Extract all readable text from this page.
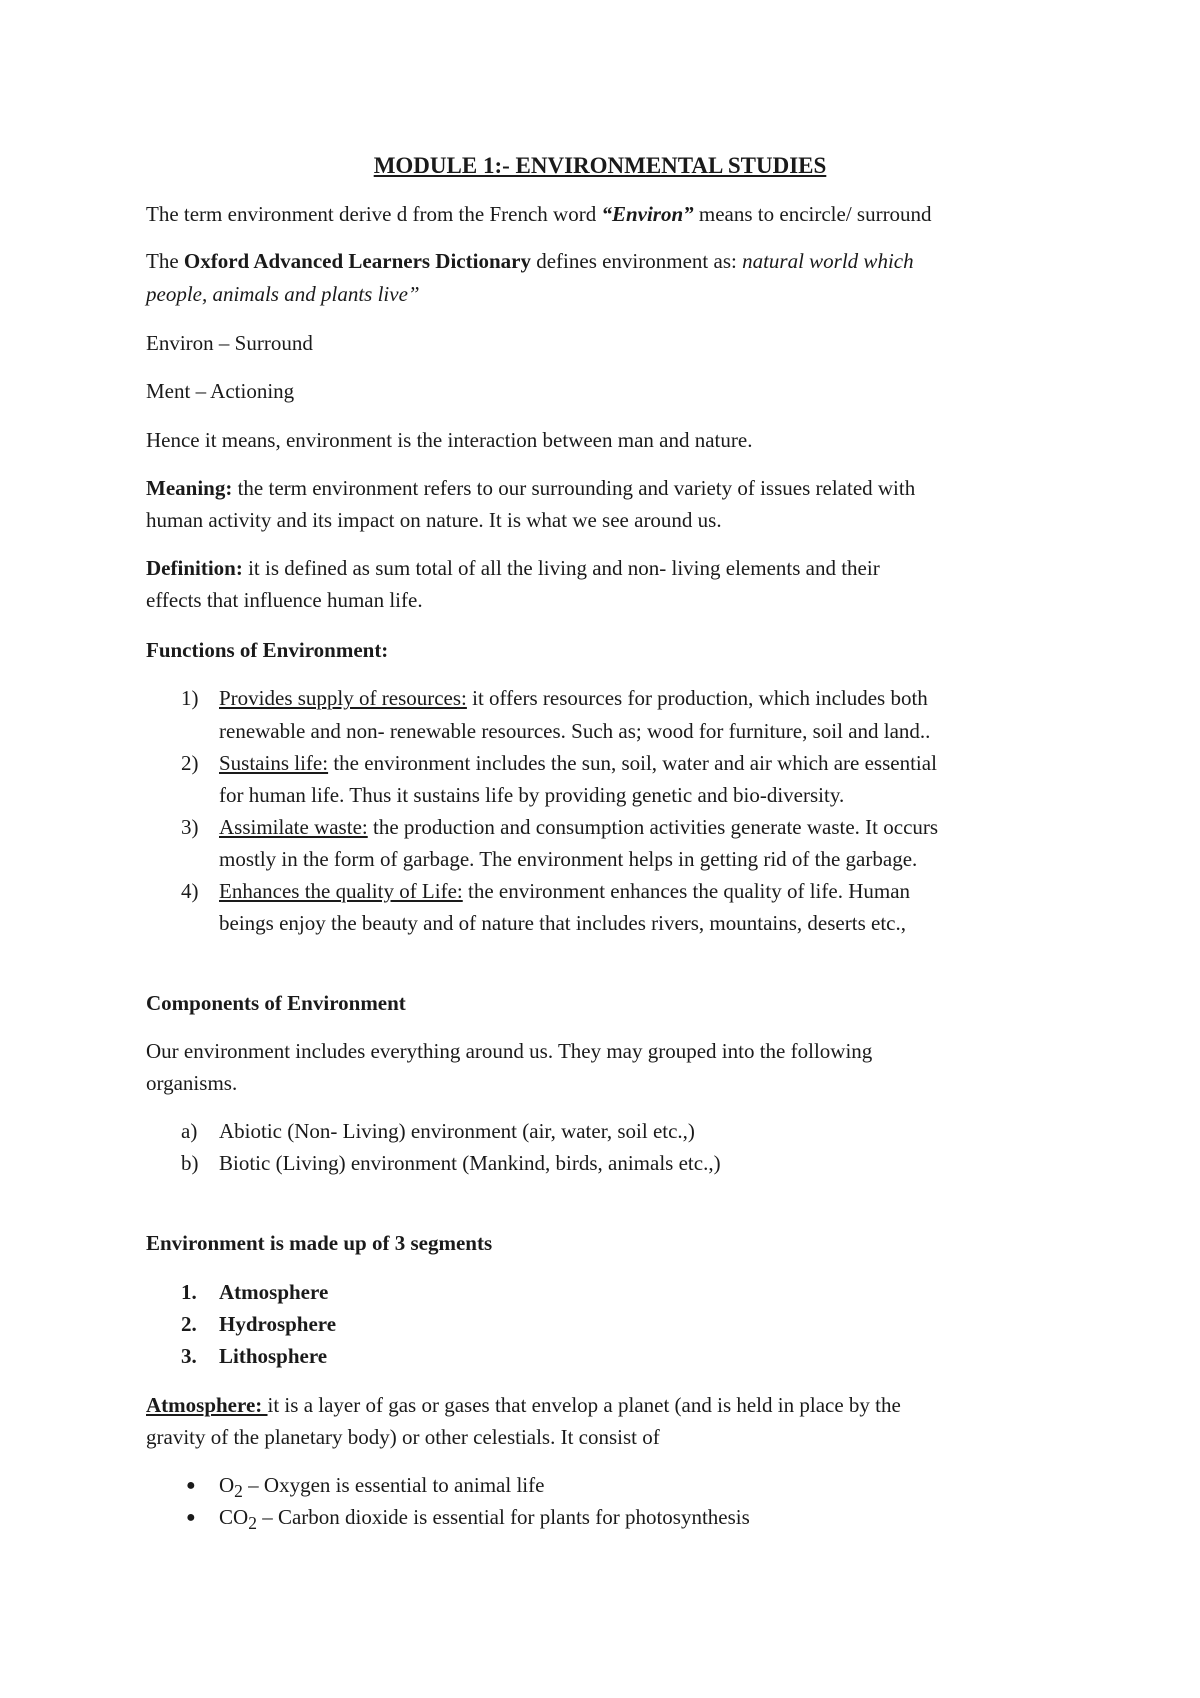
MODULE 1:- ENVIRONMENTAL STUDIES
The term environment derive d from the French word “Environ” means to encircle/ surround
The Oxford Advanced Learners Dictionary defines environment as: natural world which
people, animals and plants live”
Environ – Surround
Ment – Actioning
Hence it means, environment is the interaction between man and nature.
Meaning: the term environment refers to our surrounding and variety of issues related with
human activity and its impact on nature. It is what we see around us.
Definition: it is defined as sum total of all the living and non- living elements and their
effects that influence human life.
Functions of Environment:
1) Provides supply of resources: it offers resources for production, which includes both
renewable and non- renewable resources. Such as; wood for furniture, soil and land..
2) Sustains life: the environment includes the sun, soil, water and air which are essential
for human life. Thus it sustains life by providing genetic and bio-diversity.
3) Assimilate waste: the production and consumption activities generate waste. It occurs
mostly in the form of garbage. The environment helps in getting rid of the garbage.
4) Enhances the quality of Life: the environment enhances the quality of life. Human
beings enjoy the beauty and of nature that includes rivers, mountains, deserts etc.,
Components of Environment
Our environment includes everything around us. They may grouped into the following
organisms.
a) Abiotic (Non- Living) environment (air, water, soil etc.,)
b) Biotic (Living) environment (Mankind, birds, animals etc.,)
Environment is made up of 3 segments
1. Atmosphere
2. Hydrosphere
3. Lithosphere
Atmosphere: it is a layer of gas or gases that envelop a planet (and is held in place by the
gravity of the planetary body) or other celestials. It consist of
● $O_2$ – Oxygen is essential to animal life
● $CO_2$ – Carbon dioxide is essential for plants for photosynthesis
